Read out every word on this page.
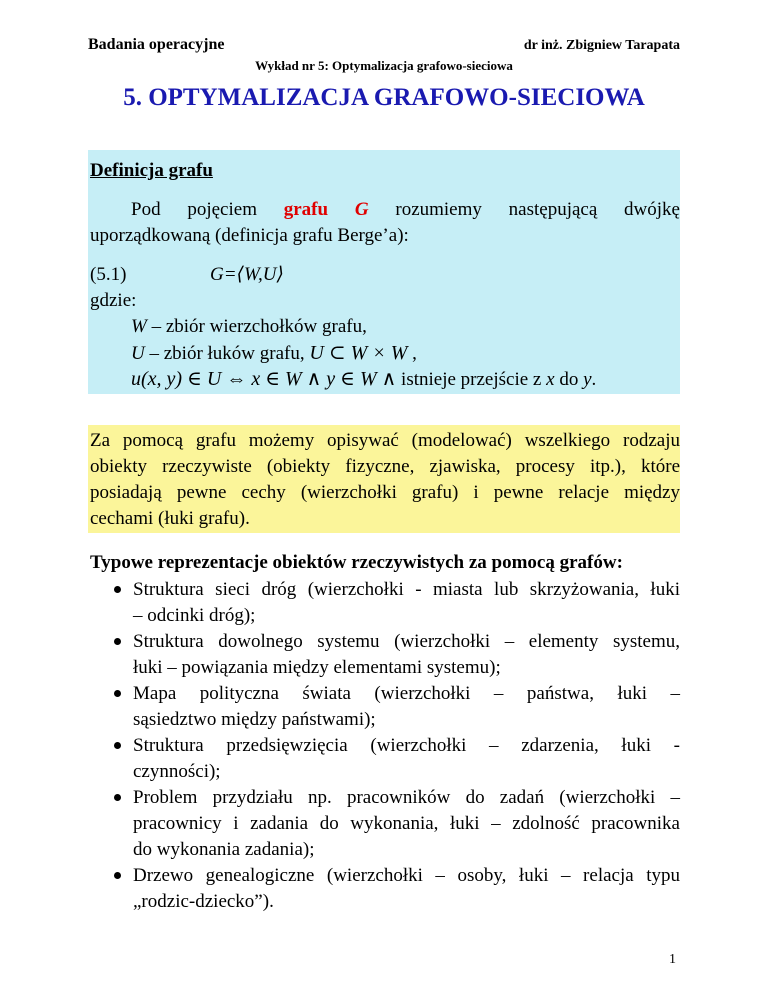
Badania operacyjne	dr inż. Zbigniew Tarapata
Wykład nr 5: Optymalizacja grafowo-sieciowa
5. OPTYMALIZACJA GRAFOWO-SIECIOWA
Definicja grafu
Pod pojęciem grafu G rozumiemy następującą dwójkę
uporządkowaną (definicja grafu Berge’a):
(5.1)	G=⟨W,U⟩
gdzie:
W – zbiór wierzchołków grafu,
U – zbiór łuków grafu, U ⊂ W × W ,
u(x, y) ∈ U ⇔ x ∈ W ∧ y ∈ W ∧ istnieje przejście z x do y.
Za pomocą grafu możemy opisywać (modelować) wszelkiego rodzaju
obiekty rzeczywiste (obiekty fizyczne, zjawiska, procesy itp.), które
posiadają pewne cechy (wierzchołki grafu) i pewne relacje między
cechami (łuki grafu).
Typowe reprezentacje obiektów rzeczywistych za pomocą grafów:
Struktura sieci dróg (wierzchołki - miasta lub skrzyżowania, łuki
– odcinki dróg);
Struktura dowolnego systemu (wierzchołki – elementy systemu,
łuki – powiązania między elementami systemu);
Mapa polityczna świata (wierzchołki – państwa, łuki –
sąsiedztwo między państwami);
Struktura przedsięwzięcia (wierzchołki – zdarzenia, łuki -
czynności);
Problem przydziału np. pracowników do zadań (wierzchołki –
pracownicy i zadania do wykonania, łuki – zdolność pracownika
do wykonania zadania);
Drzewo genealogiczne (wierzchołki – osoby, łuki – relacja typu
„rodzic-dziecko”).
1
